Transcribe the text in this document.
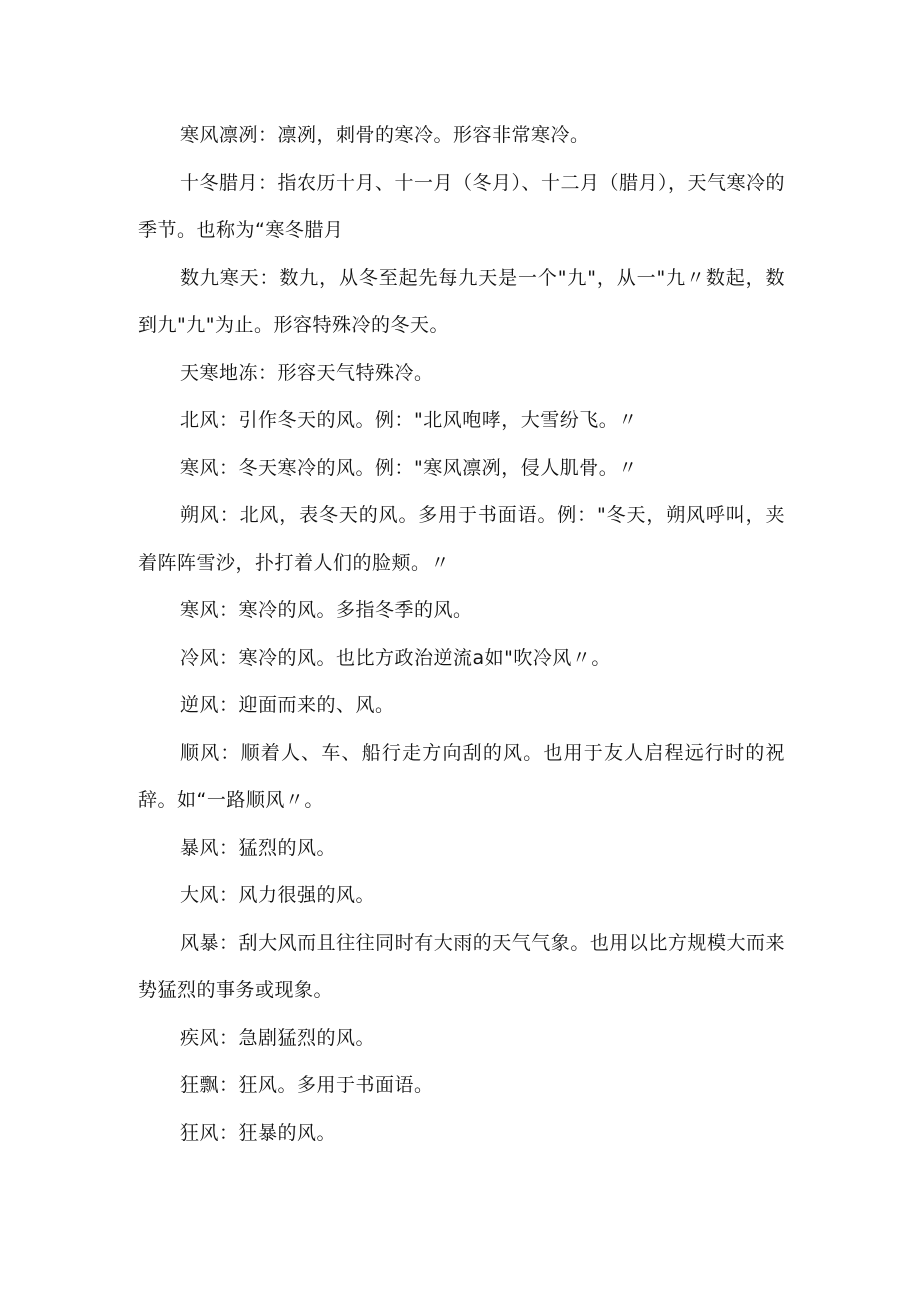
寒风凛冽：凛冽，刺骨的寒冷。形容非常寒冷。

十冬腊月：指农历十月、十一月（冬月）、十二月（腊月），天气寒冷的季节。也称为“寒冬腊月

数九寒天：数九，从冬至起先每九天是一个"九"，从一"九〃数起，数到九"九"为止。形容特殊冷的冬天。

天寒地冻：形容天气特殊冷。

北风：引作冬天的风。例："北风咆哮，大雪纷飞。〃

寒风：冬天寒冷的风。例："寒风凛冽，侵人肌骨。〃

朔风：北风，表冬天的风。多用于书面语。例："冬天，朔风呼叫，夹着阵阵雪沙，扑打着人们的脸颊。〃

寒风：寒冷的风。多指冬季的风。

冷风：寒冷的风。也比方政治逆流a如"吹冷风〃。

逆风：迎面而来的、风。

顺风：顺着人、车、船行走方向刮的风。也用于友人启程远行时的祝辞。如“一路顺风〃。

暴风：猛烈的风。

大风：风力很强的风。

风暴：刮大风而且往往同时有大雨的天气气象。也用以比方规模大而来势猛烈的事务或现象。

疾风：急剧猛烈的风。

狂飘：狂风。多用于书面语。

狂风：狂暴的风。
